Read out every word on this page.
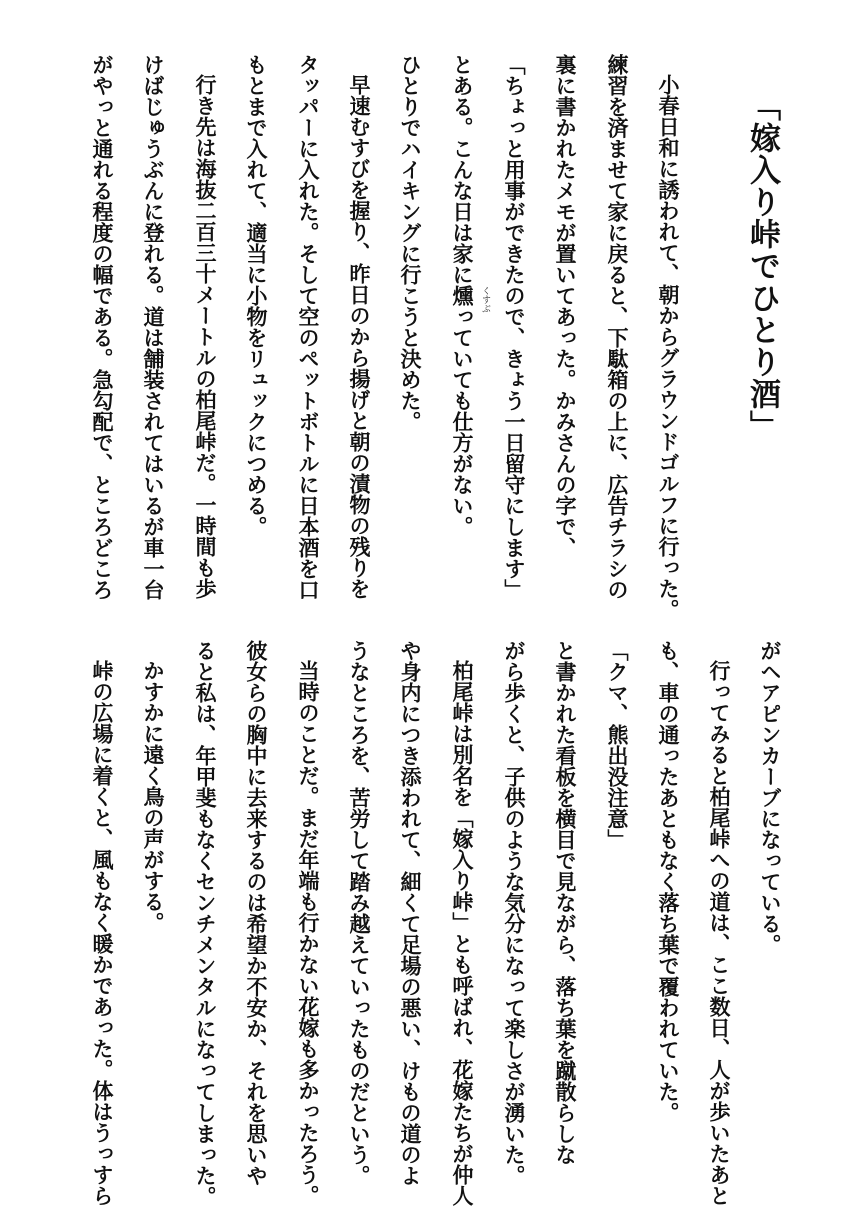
「嫁入り峠でひとり酒」
小春日和に誘われて、朝からグラウンドゴルフに行った。
練習を済ませて家に戻ると、下駄箱の上に、広告チラシの
裏に書かれたメモが置いてあった。かみさんの字で、
「ちょっと用事ができたので、きょう一日留守にします」
とある。こんな日は家に燻っていても仕方がない。 くすぶ
ひとりでハイキングに行こうと決めた。
早速むすびを握り、昨日のから揚げと朝の漬物の残りを
タッパーに入れた。そして空のペットボトルに日本酒を口
もとまで入れて、適当に小物をリュックにつめる。
行き先は海抜二百三十メートルの柏尾峠だ。一時間も歩
けばじゅうぶんに登れる。道は舗装されてはいるが車一台
がやっと通れる程度の幅である。急勾配で、ところどころ
がヘアピンカーブになっている。
行ってみると柏尾峠への道は、ここ数日、人が歩いたあと
も、車の通ったあともなく落ち葉で覆われていた。
「クマ、熊出没注意」
と書かれた看板を横目で見ながら、落ち葉を蹴散らしな
がら歩くと、子供のような気分になって楽しさが湧いた。
柏尾峠は別名を「嫁入り峠」とも呼ばれ、花嫁たちが仲人
や身内につき添われて、細くて足場の悪い、けもの道のよ
うなところを、苦労して踏み越えていったものだという。
当時のことだ。まだ年端も行かない花嫁も多かったろう。
彼女らの胸中に去来するのは希望か不安か、それを思いや
ると私は、年甲斐もなくセンチメンタルになってしまった。
かすかに遠く鳥の声がする。
峠の広場に着くと、風もなく暖かであった。体はうっすら
